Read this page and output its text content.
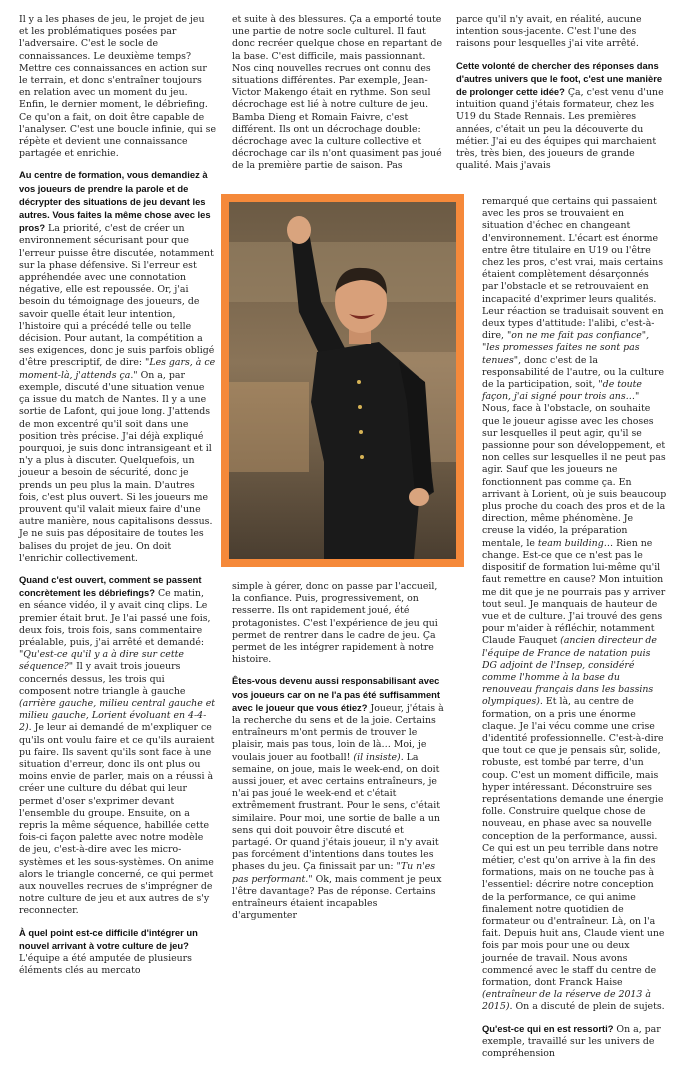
Il y a les phases de jeu, le projet de jeu et les problématiques posées par l'adversaire. C'est le socle de connaissances. Le deuxième temps? Mettre ces connaissances en action sur le terrain, et donc s'entraîner toujours en relation avec un moment du jeu. Enfin, le dernier moment, le débriefing. Ce qu'on a fait, on doit être capable de l'analyser. C'est une boucle infinie, qui se répète et devient une connaissance partagée et enrichie.

Au centre de formation, vous demandiez à vos joueurs de prendre la parole et de décrypter des situations de jeu devant les autres. Vous faites la même chose avec les pros? La priorité, c'est de créer un environnement sécurisant pour que l'erreur puisse être discutée, notamment sur la phase défensive. Si l'erreur est appréhendée avec une connotation négative, elle est repoussée. Or, j'ai besoin du témoignage des joueurs, de savoir quelle était leur intention, l'histoire qui a précédé telle ou telle décision. Pour autant, la compétition a ses exigences, donc je suis parfois obligé d'être prescriptif, de dire: "Les gars, à ce moment-là, j'attends ça." On a, par exemple, discuté d'une situation venue ça issue du match de Nantes. Il y a une sortie de Lafont, qui joue long. J'attends de mon excentré qu'il soit dans une position très précise. J'ai déjà expliqué pourquoi, je suis donc intransigeant et il n'y a plus à discuter. Quelquefois, un joueur a besoin de sécurité, donc je prends un peu plus la main. D'autres fois, c'est plus ouvert. Si les joueurs me prouvent qu'il valait mieux faire d'une autre manière, nous capitalisons dessus. Je ne suis pas dépositaire de toutes les balises du projet de jeu. On doit l'enrichir collectivement.

Quand c'est ouvert, comment se passent concrètement les débriefings? Ce matin, en séance vidéo, il y avait cinq clips. Le premier était brut. Je l'ai passé une fois, deux fois, trois fois, sans commentaire préalable, puis, j'ai arrêté et demandé: "Qu'est-ce qu'il y a à dire sur cette séquence?" Il y avait trois joueurs concernés dessus, les trois qui composent notre triangle à gauche (arrière gauche, milieu central gauche et milieu gauche, Lorient évoluant en 4-4-2). Je leur ai demandé de m'expliquer ce qu'ils ont voulu faire et ce qu'ils auraient pu faire. Ils savent qu'ils sont face à une situation d'erreur, donc ils ont plus ou moins envie de parler, mais on a réussi à créer une culture du débat qui leur permet d'oser s'exprimer devant l'ensemble du groupe. Ensuite, on a repris la même séquence, habillée cette fois-ci façon palette avec notre modèle de jeu, c'est-à-dire avec les micro-systèmes et les sous-systèmes. On anime alors le triangle concerné, ce qui permet aux nouvelles recrues de s'imprégner de notre culture de jeu et aux autres de s'y reconnecter.

À quel point est-ce difficile d'intégrer un nouvel arrivant à votre culture de jeu? L'équipe a été amputée de plusieurs éléments clés au mercato

et suite à des blessures. Ça a emporté toute une partie de notre socle culturel. Il faut donc recréer quelque chose en repartant de la base. C'est difficile, mais passionnant. Nos cinq nouvelles recrues ont connu des situations différentes. Par exemple, Jean-Victor Makengo était en rythme. Son seul décrochage est lié à notre culture de jeu. Bamba Dieng et Romain Faivre, c'est différent. Ils ont un décrochage double: décrochage avec la culture collective et décrochage car ils n'ont quasiment pas joué de la première partie de saison. Pas

simple à gérer, donc on passe par l'accueil, la confiance. Puis, progressivement, on resserre. Ils ont rapidement joué, été protagonistes. C'est l'expérience de jeu qui permet de rentrer dans le cadre de jeu. Ça permet de les intégrer rapidement à notre histoire.

Êtes-vous devenu aussi responsabilisant avec vos joueurs car on ne l'a pas été suffisamment avec le joueur que vous étiez? Joueur, j'étais à la recherche du sens et de la joie. Certains entraîneurs m'ont permis de trouver le plaisir, mais pas tous, loin de là… Moi, je voulais jouer au football! (il insiste). La semaine, on joue, mais le week-end, on doit aussi jouer, et avec certains entraîneurs, je n'ai pas joué le week-end et c'était extrêmement frustrant. Pour le sens, c'était similaire. Pour moi, une sortie de balle a un sens qui doit pouvoir être discuté et partagé. Or quand j'étais joueur, il n'y avait pas forcément d'intentions dans toutes les phases du jeu. Ça finissait par un: "Tu n'es pas performant." Ok, mais comment je peux l'être davantage? Pas de réponse. Certains entraîneurs étaient incapables d'argumenter

parce qu'il n'y avait, en réalité, aucune intention sous-jacente. C'est l'une des raisons pour lesquelles j'ai vite arrêté.

Cette volonté de chercher des réponses dans d'autres univers que le foot, c'est une manière de prolonger cette idée? Ça, c'est venu d'une intuition quand j'étais formateur, chez les U19 du Stade Rennais. Les premières années, c'était un peu la découverte du métier. J'ai eu des équipes qui marchaient très, très bien, des joueurs de grande qualité. Mais j'avais

remarqué que certains qui passaient avec les pros se trouvaient en situation d'échec en changeant d'environnement. L'écart est énorme entre être titulaire en U19 ou l'être chez les pros, c'est vrai, mais certains étaient complètement désarçonnés par l'obstacle et se retrouvaient en incapacité d'exprimer leurs qualités. Leur réaction se traduisait souvent en deux types d'attitude: l'alibi, c'est-à-dire, "on ne me fait pas confiance", "les promesses faites ne sont pas tenues", donc c'est de la responsabilité de l'autre, ou la culture de la participation, soit, "de toute façon, j'ai signé pour trois ans…" Nous, face à l'obstacle, on souhaite que le joueur agisse avec les choses sur lesquelles il peut agir, qu'il se passionne pour son développement, et non celles sur lesquelles il ne peut pas agir. Sauf que les joueurs ne fonctionnent pas comme ça. En arrivant à Lorient, où je suis beaucoup plus proche du coach des pros et de la direction, même phénomène. Je creuse la vidéo, la préparation mentale, le team building… Rien ne change. Est-ce que ce n'est pas le dispositif de formation lui-même qu'il faut remettre en cause? Mon intuition me dit que je ne pourrais pas y arriver tout seul. Je manquais de hauteur de vue et de culture. J'ai trouvé des gens pour m'aider à réfléchir, notamment Claude Fauquet (ancien directeur de l'équipe de France de natation puis DG adjoint de l'Insep, considéré comme l'homme à la base du renouveau français dans les bassins olympiques). Et là, au centre de formation, on a pris une énorme claque. Je l'ai vécu comme une crise d'identité professionnelle. C'est-à-dire que tout ce que je pensais sûr, solide, robuste, est tombé par terre, d'un coup. C'est un moment difficile, mais hyper intéressant. Déconstruire ses représentations demande une énergie folle. Construire quelque chose de nouveau, en phase avec sa nouvelle conception de la performance, aussi. Ce qui est un peu terrible dans notre métier, c'est qu'on arrive à la fin des formations, mais on ne touche pas à l'essentiel: décrire notre conception de la performance, ce qui anime finalement notre quotidien de formateur ou d'entraîneur. Là, on l'a fait. Depuis huit ans, Claude vient une fois par mois pour une ou deux journée de travail. Nous avons commencé avec le staff du centre de formation, dont Franck Haise (entraîneur de la réserve de 2013 à 2015). On a discuté de plein de sujets.

Qu'est-ce qui en est ressorti? On a, par exemple, travaillé sur les univers de compréhension
